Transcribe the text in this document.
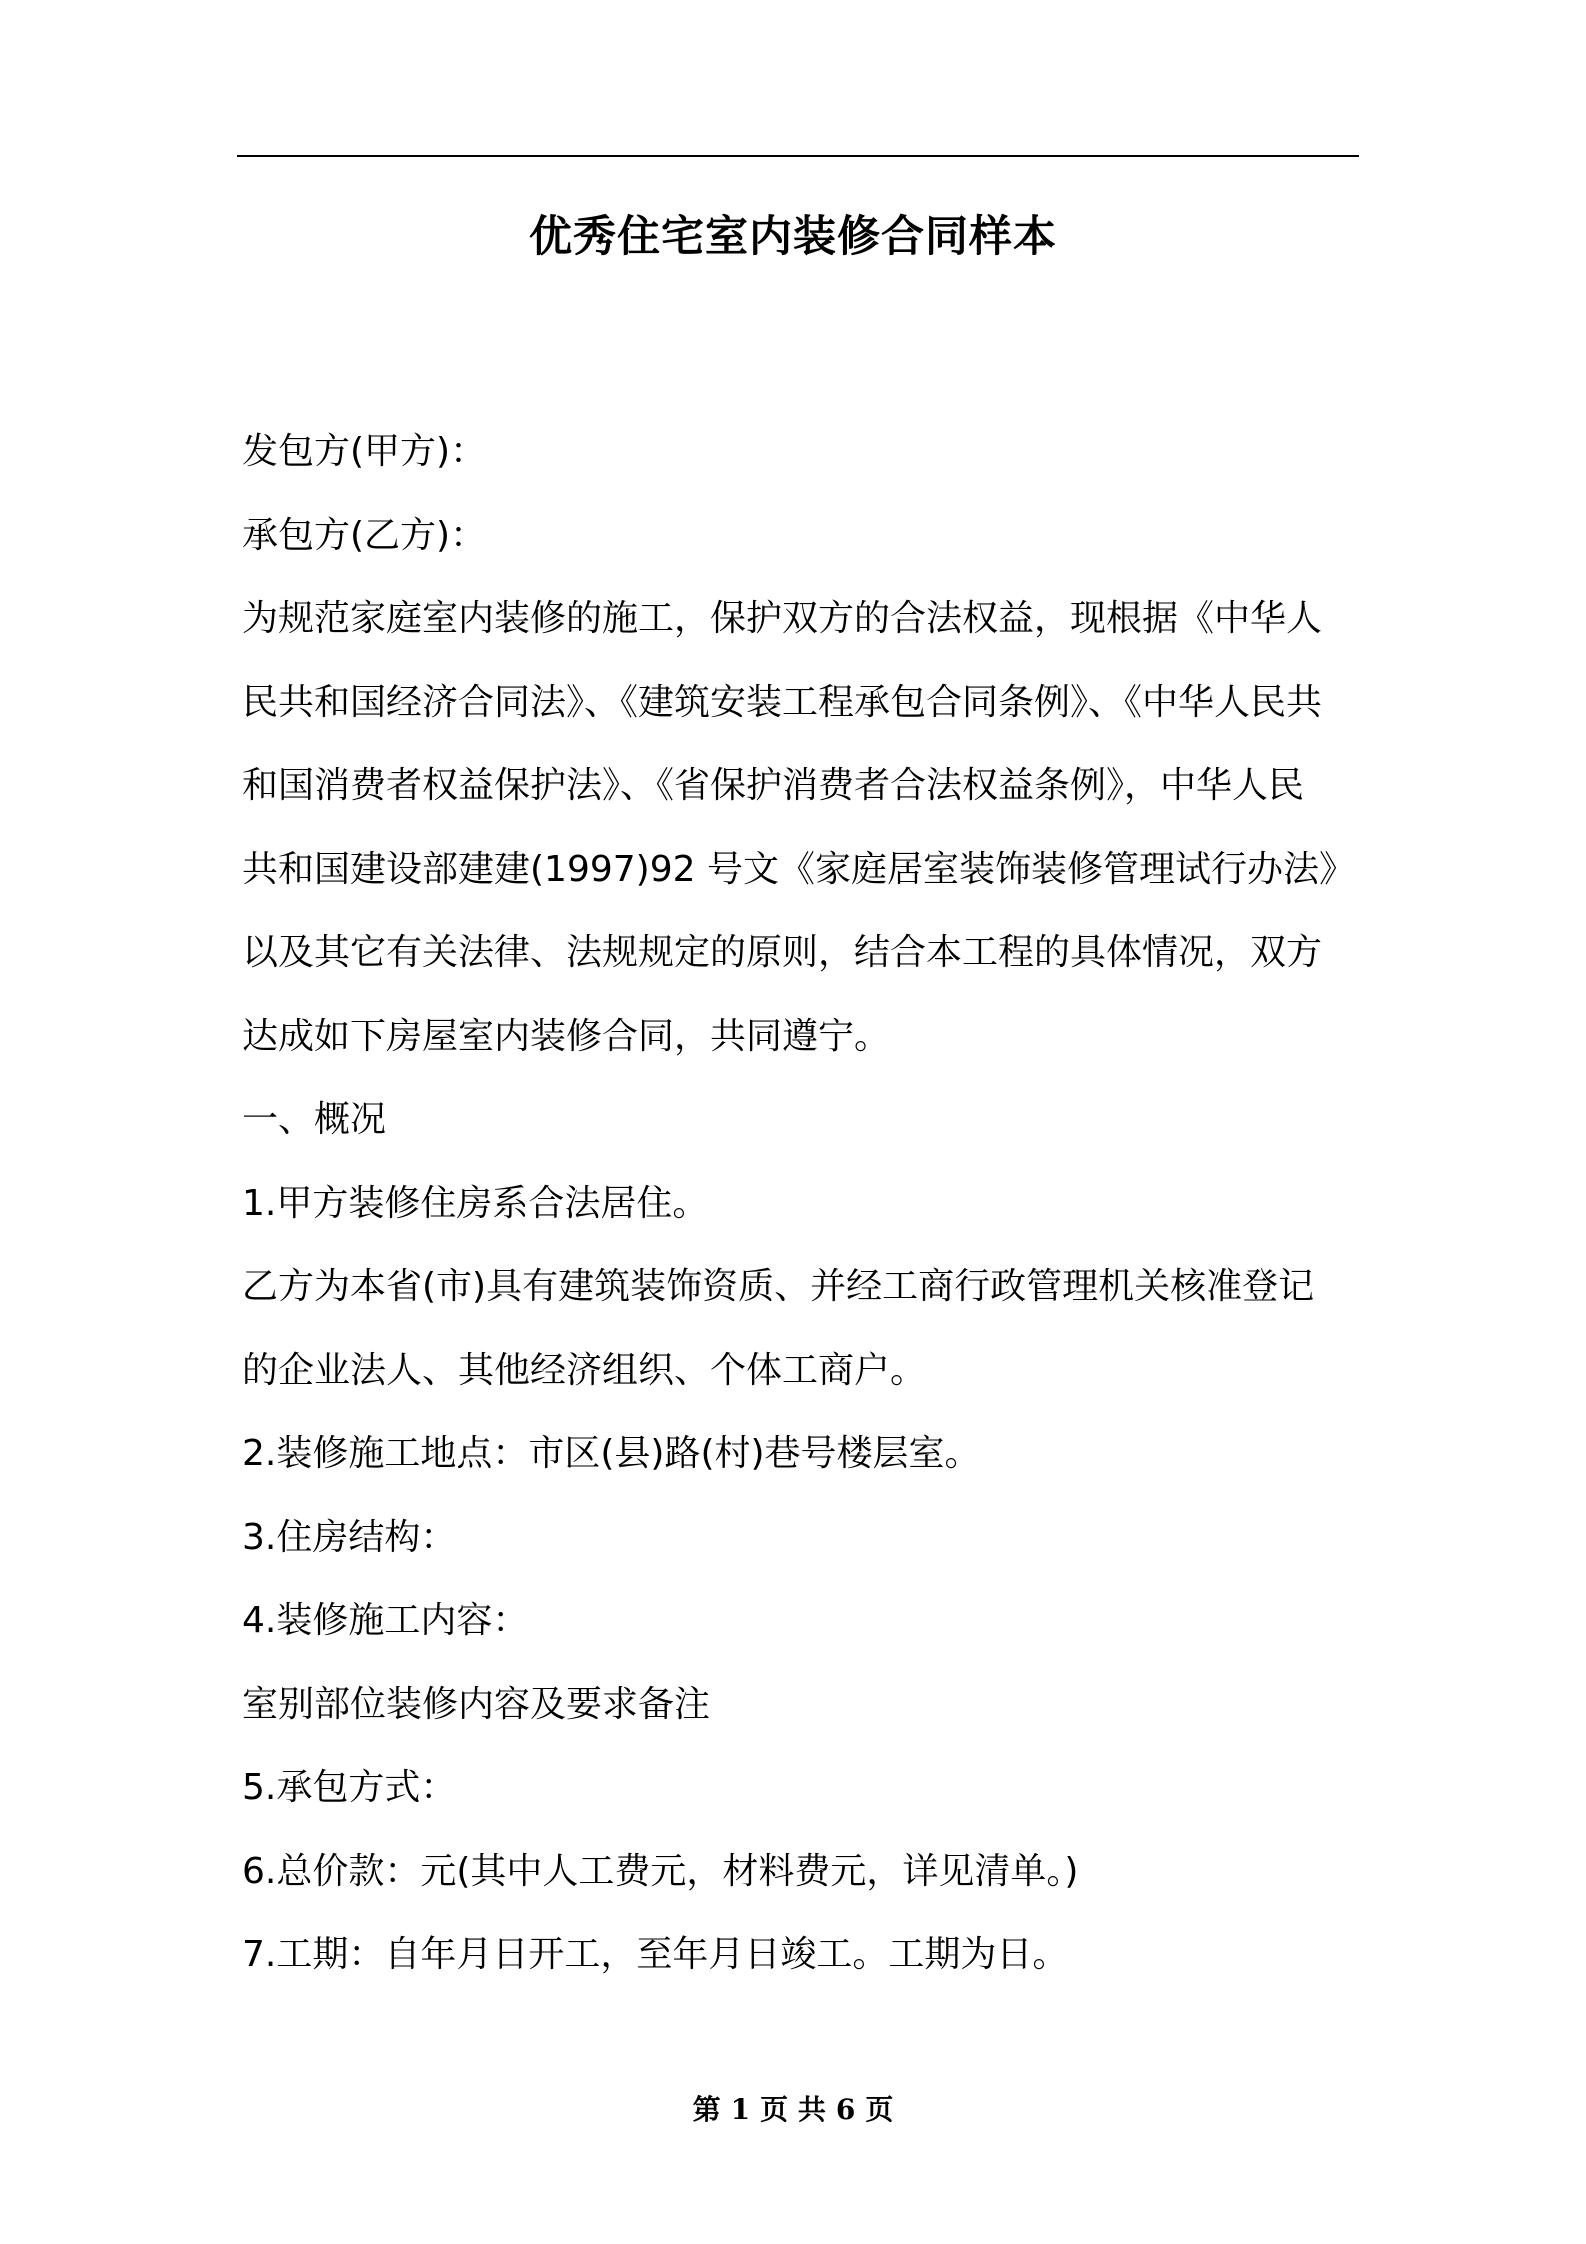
优秀住宅室内装修合同样本

发包方(甲方)：

承包方(乙方)：

为规范家庭室内装修的施工，保护双方的合法权益，现根据《中华人

民共和国经济合同法》、《建筑安装工程承包合同条例》、《中华人民共

和国消费者权益保护法》、《省保护消费者合法权益条例》，中华人民

共和国建设部建建(1997)92 号文《家庭居室装饰装修管理试行办法》

以及其它有关法律、法规规定的原则，结合本工程的具体情况，双方

达成如下房屋室内装修合同，共同遵宁。

一、概况

1.甲方装修住房系合法居住。

乙方为本省(市)具有建筑装饰资质、并经工商行政管理机关核准登记

的企业法人、其他经济组织、个体工商户。

2.装修施工地点：市区(县)路(村)巷号楼层室。

3.住房结构：

4.装修施工内容：

室别部位装修内容及要求备注

5.承包方式：

6.总价款：元(其中人工费元，材料费元，详见清单。)

7.工期：自年月日开工，至年月日竣工。工期为日。

第 1 页 共 6 页
